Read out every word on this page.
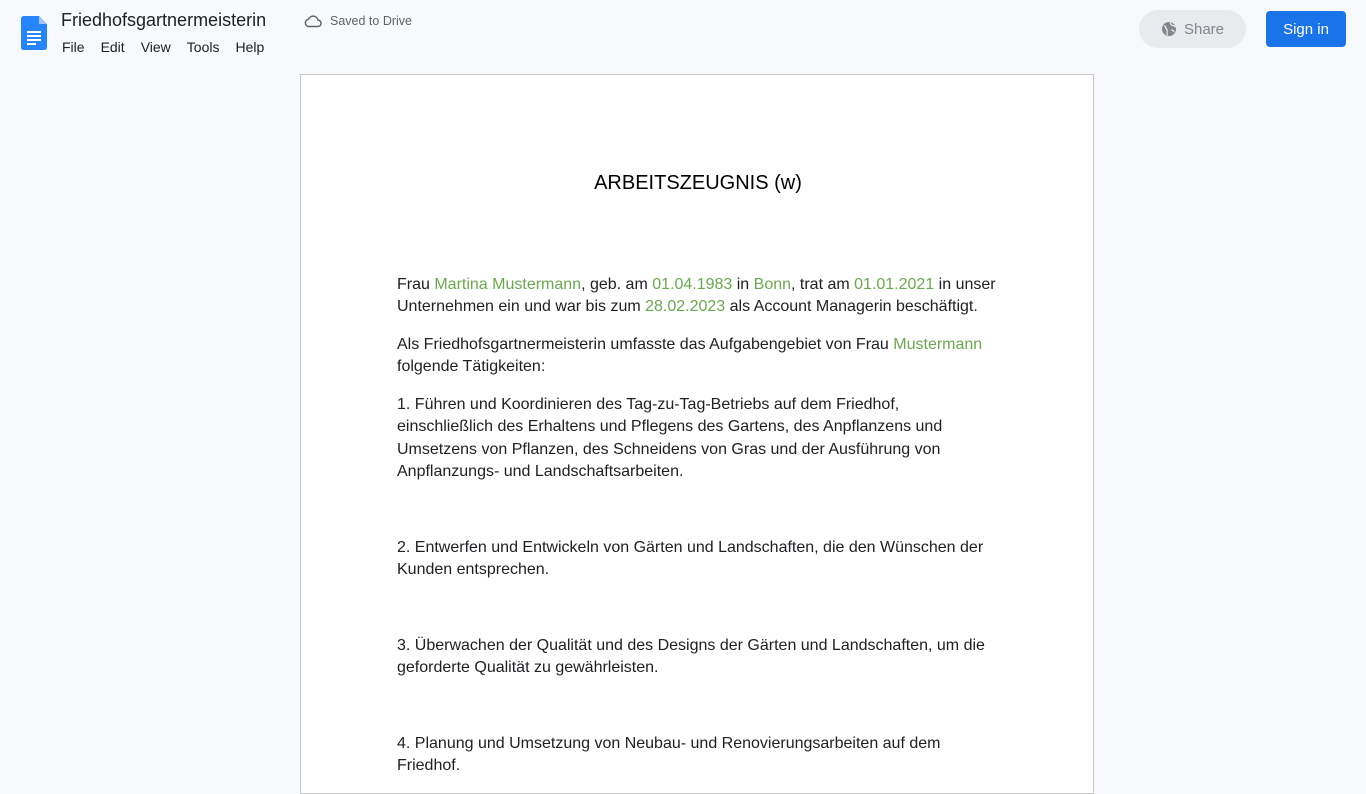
Friedhofsgartnermeisterin	Saved to Drive
File	Edit	View	Tools	Help
Share	Sign in
ARBEITSZEUGNIS (w)

Frau Martina Mustermann, geb. am 01.04.1983 in Bonn, trat am 01.01.2021 in unser Unternehmen ein und war bis zum 28.02.2023 als Account Managerin beschäftigt.

Als Friedhofsgartnermeisterin umfasste das Aufgabengebiet von Frau Mustermann folgende Tätigkeiten:

1. Führen und Koordinieren des Tag-zu-Tag-Betriebs auf dem Friedhof, einschließlich des Erhaltens und Pflegens des Gartens, des Anpflanzens und Umsetzens von Pflanzen, des Schneidens von Gras und der Ausführung von Anpflanzungs- und Landschaftsarbeiten.
2. Entwerfen und Entwickeln von Gärten und Landschaften, die den Wünschen der Kunden entsprechen.
3. Überwachen der Qualität und des Designs der Gärten und Landschaften, um die geforderte Qualität zu gewährleisten.
4. Planung und Umsetzung von Neubau- und Renovierungsarbeiten auf dem Friedhof.
